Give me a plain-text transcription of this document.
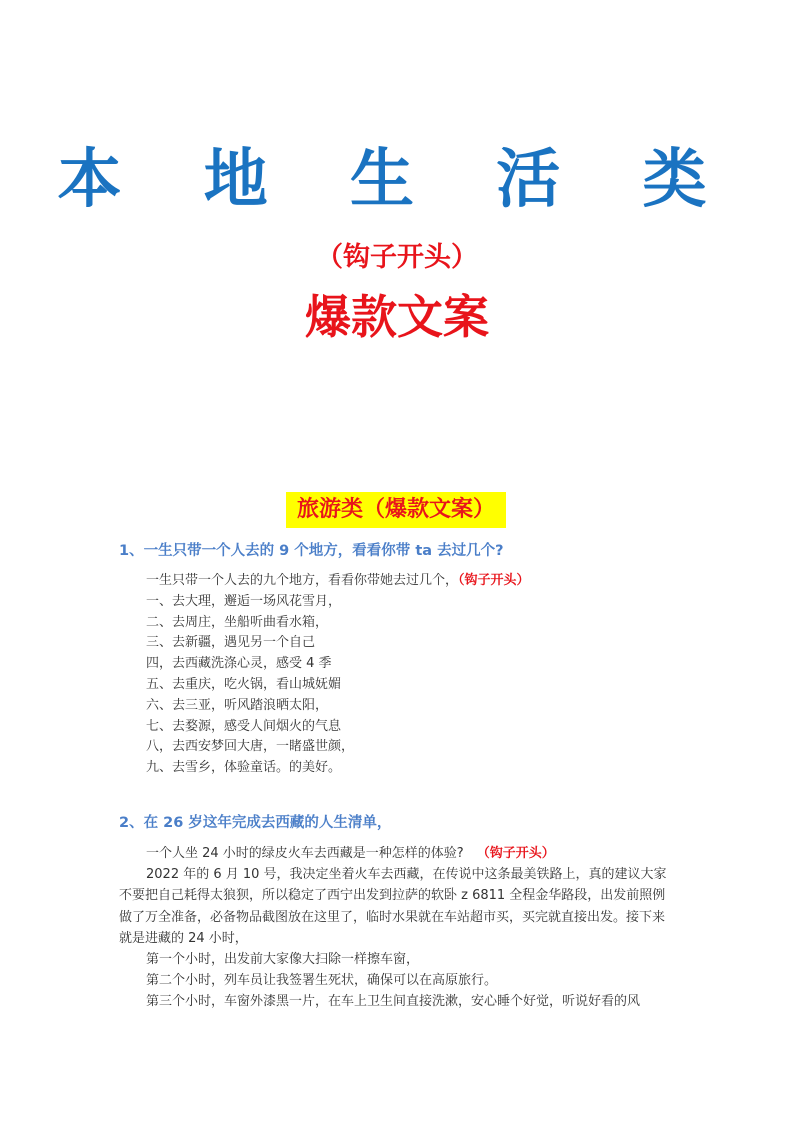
本 地 生 活 类
（钩子开头）
爆款文案
旅游类（爆款文案）
1、一生只带一个人去的 9 个地方，看看你带 ta 去过几个?
一生只带一个人去的九个地方，看看你带她去过几个，（钩子开头）
一、去大理，邂逅一场风花雪月，
二、去周庄，坐船听曲看水箱，
三、去新疆，遇见另一个自己
四，去西藏洗涤心灵，感受 4 季
五、去重庆，吃火锅，看山城妩媚
六、去三亚，听风踏浪晒太阳，
七、去婺源，感受人间烟火的气息
八，去西安梦回大唐，一睹盛世颜，
九、去雪乡，体验童话。的美好。
2、在 26 岁这年完成去西藏的人生清单，

一个人坐 24 小时的绿皮火车去西藏是一种怎样的体验?  （钩子开头）

2022 年的 6 月 10 号，我决定坐着火车去西藏，在传说中这条最美铁路上，真的建议大家不要把自己耗得太狼狈，所以稳定了西宁出发到拉萨的软卧 z 6811 全程金华路段，出发前照例做了万全准备，必备物品截图放在这里了，临时水果就在车站超市买，买完就直接出发。接下来就是进藏的 24 小时，

第一个小时，出发前大家像大扫除一样擦车窗，

第二个小时，列车员让我签署生死状，确保可以在高原旅行。

第三个小时，车窗外漆黑一片，在车上卫生间直接洗漱，安心睡个好觉，听说好看的风
